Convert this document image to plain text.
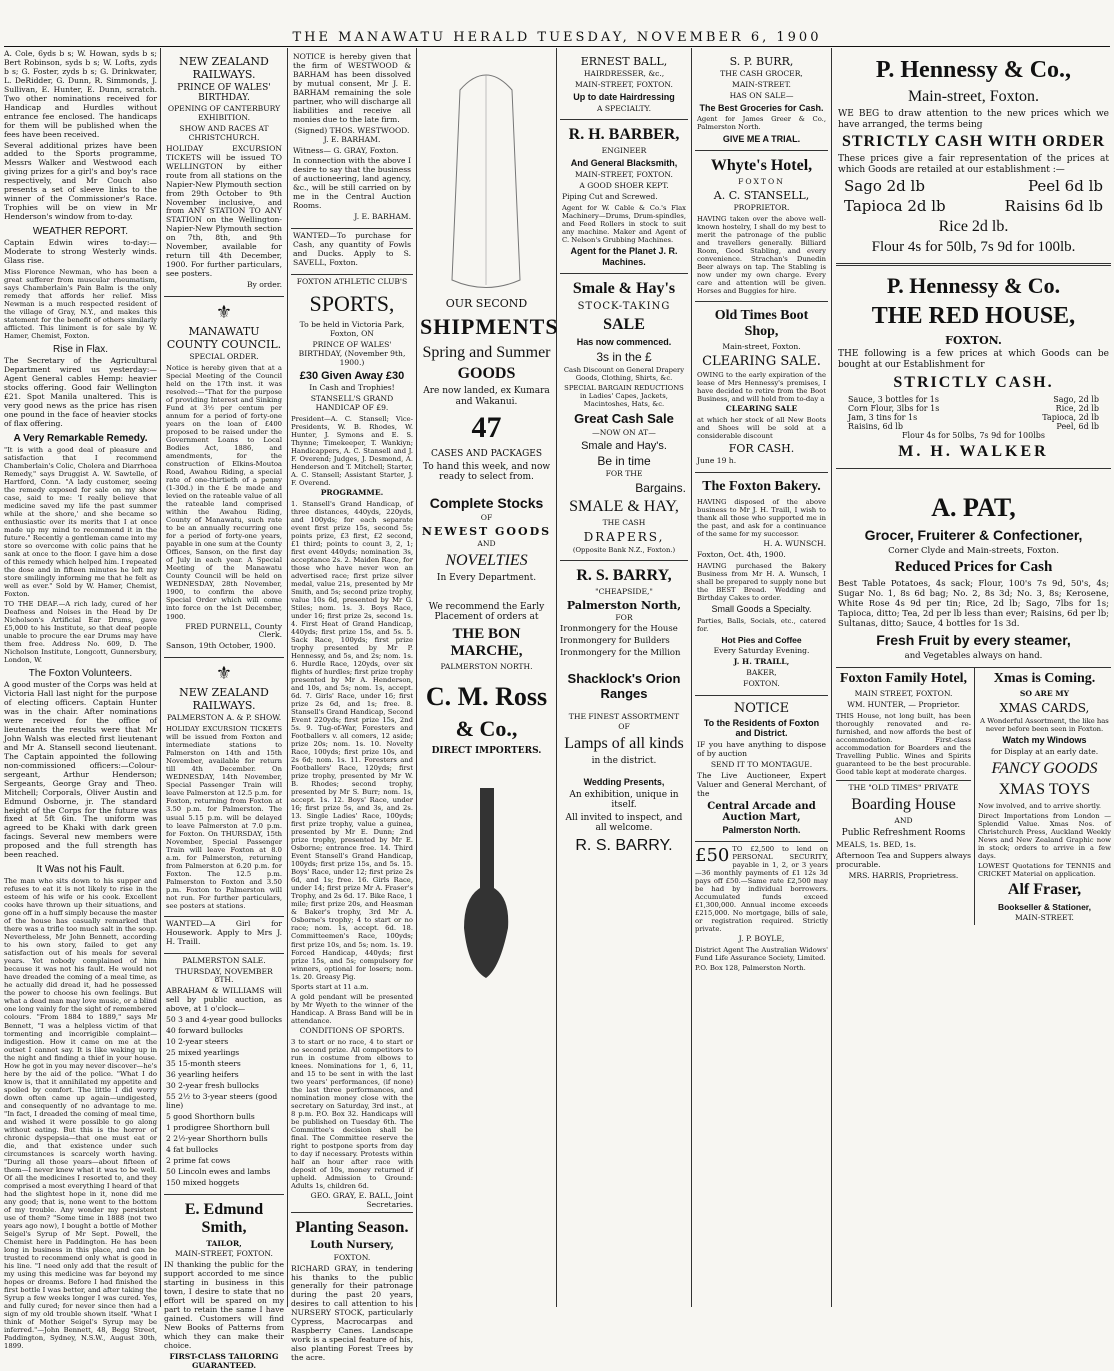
THE MANAWATU HERALD TUESDAY, NOVEMBER 6, 1900

A. Cole, 6yds b s; W. Howan, syds b s; Bert Robinson, syds b s; W. Lofts, zyds b s; G. Foster, zyds b s; G. Drinkwater, L. DeRidder, G. Dunn, R. Simmonds, J. Sullivan, E. Hunter, E. Dunn, scratch. Two other nominations received for Handicap and Hurdles without entrance fee enclosed. The handicaps for them will be published when the fees have been received.

Several additional prizes have been added to the Sports programme, Messrs Walker and Westwood each giving prizes for a girl's and boy's race respectively, and Mr Couch also presents a set of sleeve links to the winner of the Commissioner's Race. Trophies will be on view in Mr Henderson's window from to-day.

WEATHER REPORT.

Captain Edwin wires to-day:— Moderate to strong Westerly winds. Glass rise.

Miss Florence Newman, who has been a great sufferer from muscular rheumatism, says Chamberlain's Pain Balm is the only remedy that affords her relief. Miss Newman is a much respected resident of the village of Gray, N.Y., and makes this statement for the benefit of others similarly afflicted. This liniment is for sale by W. Hamer, Chemist, Foxton.

Rise in Flax.

The Secretary of the Agricultural Department wired us yesterday:— Agent General cables Hemp: heavier stocks offering. Good fair Wellington £21. Spot Manila unaltered. This is very good news as the price has risen one pound in the face of heavier stocks of flax offering.

A Very Remarkable Remedy.

"It is with a good deal of pleasure and satisfaction that I recommend Chamberlain's Colic, Cholera and Diarrhoea Remedy," says Druggist A. W. Sawtelle, of Hartford, Conn. "A lady customer, seeing the remedy exposed for sale on my show case, said to me: 'I really believe that medicine saved my life the past summer while at the shore,' and she became so enthusiastic over its merits that I at once made up my mind to recommend it in the future." Recently a gentleman came into my store so overcome with colic pains that he sank at once to the floor. I gave him a dose of this remedy which helped him. I repeated the dose and in fifteen minutes he left my store smilingly informing me that he felt as well as ever." Sold by W. Hamer, Chemist, Foxton.

TO THE DEAF.—A rich lady, cured of her Deafness and Noises in the Head by Dr Nicholson's Artificial Ear Drums, gave £5,000 to his Institute, so that deaf people unable to procure the ear Drums may have them free. Address No. 609, D. The Nicholson Institute, Longcott, Gunnersbury, London, W.

The Foxton Volunteers.

A good muster of the Corps was held at Victoria Hall last night for the purpose of electing officers. Captain Hunter was in the chair. After nominations were received for the office of lieutenants the results were that Mr John Walsh was elected first lieutenant and Mr A. Stansell second lieutenant. The Captain appointed the following non-commissioned officers:—Colour-sergeant, Arthur Henderson; Sergeants, George Gray and Theo. Mitchell; Corporals, Oliver Austin and Edmund Osborne, jr. The standard height of the Corps for the future was fixed at 5ft 6in. The uniform was agreed to be Khaki with dark green facings. Several new members were proposed and the full strength has been reached.

It Was not his Fault.

The man who sits down to his supper and refuses to eat it is not likely to rise in the esteem of his wife or his cook. Excellent cooks have thrown up their situations, and gone off in a huff simply because the master of the house has casually remarked that there was a trifle too much salt in the soup. Nevertheless, Mr John Bennett, according to his own story, failed to get any satisfaction out of his meals for several years. Yet nobody complained of him because it was not his fault. He would not have dreaded the coming of a meal time, as he actually did dread it, had he possessed the power to choose his own feelings. But what a dead man may love music, or a blind one long vainly for the sight of remembered colours. "From 1884 to 1889," says Mr Bennett, "I was a helpless victim of that tormenting and incorrigible complaint—indigestion. How it came on me at the outset I cannot say. It is like waking up in the night and finding a thief in your house. How he got in you may never discover—he's here by the aid of the police. "What I do know is, that it annihilated my appetite and spoiled by comfort. The little I did worry down often came up again—undigested, and consequently of no advantage to me. "In fact, I dreaded the coming of meal time, and wished it were possible to go along without eating. But this is the horror of chronic dyspepsia—that one must eat or die, and that existence under such circumstances is scarcely worth having. "During all those years—about fifteen of them—I never knew what it was to be well. Of all the medicines I resorted to, and they comprised a most everything I heard of that had the slightest hope in it, none did me any good; that is, none went to the bottom of my trouble. Any wonder my persistent use of them? "Some time in 1888 (not two years ago now), I bought a bottle of Mother Seigel's Syrup of Mr Sept. Powell, the Chemist here in Paddington. He has been long in business in this place, and can be trusted to recommend only what is good in his line. "I need only add that the result of my using this medicine was far beyond my hopes or dreams. Before I had finished the first bottle I was better, and after taking the Syrup a few weeks longer I was cured. Yes, and fully cured; for never since then had a sign of my old trouble shown itself. "What I think of Mother Seigel's Syrup may be inferred."—John Bennett, 48, Begg Street, Paddington, Sydney, N.S.W., August 30th, 1899.

NEW ZEALAND RAILWAYS.
PRINCE OF WALES' BIRTHDAY.

OPENING OF CANTERBURY EXHIBITION.

SHOW AND RACES AT CHRISTCHURCH.

HOLIDAY EXCURSION TICKETS will be issued TO WELLINGTON by either route from all stations on the Napier-New Plymouth section from 29th October to 9th November inclusive, and from ANY STATION TO ANY STATION on the Wellington-Napier-New Plymouth section on 7th, 8th, and 9th November, available for return till 4th December, 1900. For further particulars, see posters.

By order.

⚜
MANAWATU COUNTY COUNCIL.

SPECIAL ORDER.

Notice is hereby given that at a Special Meeting of the Council held on the 17th inst. it was resolved:—"That for the purpose of providing Interest and Sinking Fund at 3½ per centum per annum for a period of forty-one years on the loan of £400 proposed to be raised under the Government Loans to Local Bodies Act, 1886, and amendments, for the construction of Elkins-Moutoa Road, Awahou Riding, a special rate of one-thirtieth of a penny (1-30d.) in the £ be made and levied on the rateable value of all the rateable land comprised within the Awahou Riding, County of Manawatu, such rate to be an annually recurring one for a period of forty-one years, payable in one sum at the County Offices, Sanson, on the first day of July in each year. A Special Meeting of the Manawatu County Council will be held on WEDNESDAY, 28th November, 1900, to confirm the above Special Order which will come into force on the 1st December, 1900.

FRED PURNELL, County Clerk.

Sanson, 19th October, 1900.

⚜
NEW ZEALAND RAILWAYS.

PALMERSTON A. & P. SHOW.

HOLIDAY EXCURSION TICKETS will be issued from Foxton and intermediate stations to Palmerston on 14th and 15th November, available for return till 4th December. On WEDNESDAY, 14th November, Special Passenger Train will leave Palmerston at 12.5 p.m. for Foxton, returning from Foxton at 3.50 p.m. for Palmerston. The usual 5.15 p.m. will be delayed to leave Palmerston at 7.0 p.m. for Foxton. On THURSDAY, 15th November, Special Passenger Train will leave Foxton at 8.0 a.m. for Palmerston, returning from Palmerston at 6.20 p.m. for Foxton. The 12.5 p.m. Palmerston to Foxton and 3.50 p.m. Foxton to Palmerston will not run. For further particulars, see posters at stations.

WANTED—A Girl for Housework. Apply to Mrs J. H. Traill.

PALMERSTON SALE.

THURSDAY, NOVEMBER 8TH.

ABRAHAM & WILLIAMS will sell by public auction, as above, at 1 o'clock—

50 3 and 4-year good bullocks

40 forward bullocks

10 2-year steers

25 mixed yearlings

35 15-month steers

36 yearling heifers

30 2-year fresh bullocks

55 2½ to 3-year steers (good line)

5 good Shorthorn bulls

1 prodigree Shorthorn bull

2 2½-year Shorthorn bulls

4 fat bullocks

2 prime fat cows

50 Lincoln ewes and lambs

150 mixed hoggets

E. Edmund Smith,

TAILOR,

MAIN-STREET, FOXTON.

IN thanking the public for the support accorded to me since starting in business in this town, I desire to state that no effort will be spared on my part to retain the same I have gained. Customers will find New Books of Patterns from which they can make their choice.

FIRST-CLASS TAILORING GUARANTEED.

NOTICE is hereby given that the firm of WESTWOOD & BARHAM has been dissolved by mutual consent, Mr J. E. BARHAM remaining the sole partner, who will discharge all liabilities and receive all monies due to the late firm.

(Signed) THOS. WESTWOOD. J. E. BARHAM.

Witness— G. GRAY, Foxton.

In connection with the above I desire to say that the business of auctioneering, land agency, &c., will be still carried on by me in the Central Auction Rooms.

J. E. BARHAM.

WANTED—To purchase for Cash, any quantity of Fowls and Ducks. Apply to S. SAVELL, Foxton.

FOXTON ATHLETIC CLUB'S

SPORTS,

To be held in Victoria Park, Foxton, ON

PRINCE OF WALES' BIRTHDAY, (November 9th, 1900.)

£30 Given Away £30

In Cash and Trophies!

STANSELL'S GRAND HANDICAP OF £9.

President—A. C. Stansell; Vice-Presidents, W. B. Rhodes, W. Hunter, J. Symons and E. S. Thynne; Timekeeper, T. Wankiyn; Handicappers, A. C. Stansell and J. F. Overend; Judges, J. Desmond, A. Henderson and T. Mitchell; Starter, A. C. Stansell; Assistant Starter, J. F. Overend.

PROGRAMME.

1. Stansell's Grand Handicap, of three distances, 440yds, 220yds, and 100yds; for each separate event first prize 15s, second 5s; points prize, £3 first, £2 second, £1 third; points to count 3, 2, 1; first event 440yds; nomination 3s, acceptance 2s. 2. Maiden Race, for those who have never won an advertised race; first prize silver medal, value 21s, presented by Mr Smith, and 5s; second prize trophy, value 10s 6d, presented by Mr G. Stiles; nom. 1s. 3. Boys Race, under 16; first prize 2s, second 1s. 4. First Heat of Grand Handicap, 440yds; first prize 15s, and 5s. 5. Sack Race, 100yds; first prize trophy presented by Mr P. Hennessy, and 5s, and 2s; nom. 1s. 6. Hurdle Race, 120yds, over six flights of hurdles; first prize trophy presented by Mr A. Henderson, and 10s, and 5s; nom. 1s, accept. 6d. 7. Girls' Race, under 16; first prize 2s 6d, and 1s; free. 8. Stansell's Grand Handicap, Second Event 220yds; first prize 15s, 2nd 5s. 9. Tug-of-War, Foresters and Footballers v. all comers, 12 aside; prize 20s; nom. 1s. 10. Novelty Race, 100yds; first prize 10s, and 2s 6d; nom. 1s. 11. Foresters and Footballers' Race, 120yds; first prize trophy, presented by Mr W. B. Rhodes; second trophy, presented by Mr S. Burr; nom. 1s, accept. 1s. 12. Boys' Race, under 16; first prize 5s, and 3s, and 2s. 13. Single Ladies' Race, 100yds; first prize trophy, value a guinea, presented by Mr E. Dunn; 2nd prize trophy, presented by Mr E. Osborne; entrance free. 14. Third Event Stansell's Grand Handicap, 100yds; first prize 15s, and 5s. 15. Boys' Race, under 12; first prize 2s 6d, and 1s; free. 16. Girls Race, under 14; first prize Mr A. Fraser's Trophy, and 2s 6d. 17. Bike Race, 1 mile; first prize 20s, and Heasman & Baker's trophy, 3rd Mr A. Osborne's trophy; 4 to start or no race; nom. 1s, accept. 6d. 18. Committeemen's Race, 100yds; first prize 10s, and 5s; nom. 1s. 19. Forced Handicap, 440yds; first prize 15s, and 5s; compulsory for winners, optional for losers; nom. 1s. 20. Greasy Pig.

Sports start at 11 a.m.

A gold pendant will be presented by Mr Wyeth to the winner of the Handicap. A Brass Band will be in attendance.

CONDITIONS OF SPORTS.

3 to start or no race, 4 to start or no second prize. All competitors to run in costume from elbows to knees. Nominations for 1, 6, 11, and 15 to be sent in with the last two years' performances, (if none) the last three performances, and nomination money close with the secretary on Saturday, 3rd inst., at 8 p.m. P.O. Box 32. Handicaps will be published on Tuesday 6th. The Committee's decision shall be final. The Committee reserve the right to postpone sports from day to day if necessary. Protests within half an hour after race with deposit of 10s, money returned if upheld. Admission to Ground: Adults 1s, children 6d.

GEO. GRAY, E. BALL, Joint Secretaries.

Planting Season.

Louth Nursery,

FOXTON.

RICHARD GRAY, in tendering his thanks to the public generally for their patronage during the past 20 years, desires to call attention to his NURSERY STOCK, particularly Cypress, Macrocarpas and Raspberry Canes. Landscape work is a special feature of his, also planting Forest Trees by the acre.

OUR SECOND
SHIPMENTS
Spring and Summer
GOODS

Are now landed, ex Kumara and Wakanui.

47

CASES AND PACKAGES

To hand this week, and now ready to select from.

Complete Stocks

OF

NEWEST GOODS

AND

NOVELTIES

In Every Department.

We recommend the Early Placement of orders at

THE BON MARCHE,

PALMERSTON NORTH.

C. M. Ross
& Co.,

DIRECT IMPORTERS.

ERNEST BALL,

HAIRDRESSER, &c.,

MAIN-STREET, FOXTON.

Up to date Hairdressing

A SPECIALTY.

R. H. BARBER,

ENGINEER

And General Blacksmith,

MAIN-STREET, FOXTON.

A GOOD SHOER KEPT.

Piping Cut and Screwed.

Agent for W. Cable & Co.'s Flax Machinery—Drums, Drum-spindles, and Feed Rollers in stock to suit any machine. Maker and Agent of C. Nelson's Grubbing Machines.

Agent for the Planet J. R. Machines.

Smale & Hay's

STOCK-TAKING

SALE

Has now commenced.

3s in the £

Cash Discount on General Drapery Goods, Clothing, Shirts, &c.

SPECIAL BARGAIN REDUCTIONS in Ladies' Capes, Jackets, Macintoshes, Hats, &c.

Great Cash Sale

—NOW ON AT—

Smale and Hay's.
Be in time

FOR THE

Bargains.
SMALE & HAY,

THE CASH

DRAPERS,

(Opposite Bank N.Z., Foxton.)

R. S. BARRY,

"CHEAPSIDE,"

Palmerston North,

FOR

Ironmongery for the House

Ironmongery for Builders

Ironmongery for the Million

Shacklock's Orion Ranges

THE FINEST ASSORTMENT

OF

Lamps of all kinds

in the district.

Wedding Presents,

An exhibition, unique in itself.

All invited to inspect, and all welcome.

R. S. BARRY.
S. P. BURR,

THE CASH GROCER,

MAIN-STREET.

HAS ON SALE—

The Best Groceries for Cash.

Agent for James Greer & Co., Palmerston North.

GIVE ME A TRIAL.

Whyte's Hotel,

FOXTON

A. C. STANSELL,

PROPRIETOR.

HAVING taken over the above well-known hostelry, I shall do my best to merit the patronage of the public and travellers generally. Billiard Room, Good Stabling, and every convenience. Strachan's Dunedin Beer always on tap. The Stabling is now under my own charge. Every care and attention will be given. Horses and Buggies for hire.

Old Times Boot Shop,

Main-street, Foxton.

CLEARING SALE.

OWING to the early expiration of the lease of Mrs Hennessy's premises, I have decided to retire from the Boot Business, and will hold from to-day a

CLEARING SALE

at which her stock of all New Boots and Shoes will be sold at a considerable discount

FOR CASH.

June 19 h.

The Foxton Bakery.

HAVING disposed of the above business to Mr J. H. Traill, I wish to thank all those who supported me in the past, and ask for a continuance of the same for my successor.

H. A. WUNSCH.

Foxton, Oct. 4th, 1900.

HAVING purchased the Bakery Business from Mr H. A. Wunsch, I shall be prepared to supply none but the BEST Bread. Wedding and Birthday Cakes to order.

Small Goods a Specialty.

Parties, Balls, Socials, etc., catered for.

Hot Pies and Coffee

Every Saturday Evening.

J. H. TRAILL,

BAKER,

FOXTON.

NOTICE

To the Residents of Foxton and District.

IF you have anything to dispose of by auction

SEND IT TO MONTAGUE.

The Live Auctioneer, Expert Valuer and General Merchant, of the

Central Arcade and Auction Mart,

Palmerston North.

£50 TO £2,500 to lend on PERSONAL SECURITY, payable in 1, 2, or 3 years—36 monthly payments of £1 12s 3d pays off £50.—Same rate £2,500 may be had by individual borrowers. Accumulated funds exceed £1,300,000. Annual income exceeds £215,000. No mortgage, bills of sale, or registration required. Strictly private.

J. P. BOYLE,

District Agent The Australian Widows' Fund Life Assurance Society, Limited.

P.O. Box 128, Palmerston North.

P. Hennessy & Co.,
Main-street, Foxton.

WE BEG to draw attention to the new prices which we have arranged, the terms being

STRICTLY CASH WITH ORDER

These prices give a fair representation of the prices at which Goods are retailed at our establishment :—

Sago 2d lb	Peel 6d lb
Tapioca 2d lb	Raisins 6d lb
Rice 2d lb.
Flour 4s for 50lb, 7s 9d for 100lb.
P. Hennessy & Co.
THE RED HOUSE,
FOXTON.

THE following is a few prices at which Goods can be bought at our Establishment for

STRICTLY CASH.
Sauce, 3 bottles for 1s	Sago, 2d lb
Corn Flour, 3lbs for 1s	Rice, 2d lb
Jam, 3 tins for 1s	Tapioca, 2d lb
Raisins, 6d lb	Peel, 6d lb

Flour 4s for 50lbs, 7s 9d for 100lbs

M. H. WALKER
A. PAT,
Grocer, Fruiterer & Confectioner,

Corner Clyde and Main-streets, Foxton.

Reduced Prices for Cash

Best Table Potatoes, 4s sack; Flour, 100's 7s 9d, 50's, 4s; Sugar No. 1, 8s 6d bag; No. 2, 8s 3d; No. 3, 8s; Kerosene, White Rose 4s 9d per tin; Rice, 2d lb; Sago, 7lbs for 1s; Tapioca, ditto; Tea, 2d per lb less than ever; Raisins, 6d per lb; Sultanas, ditto; Sauce, 4 bottles for 1s 3d.

Fresh Fruit by every steamer,

and Vegetables always on hand.

Foxton Family Hotel,

MAIN STREET, FOXTON.

WM. HUNTER, — Proprietor.

THIS House, not long built, has been thoroughly renovated and re-furnished, and now affords the best of accommodation. First-class accommodation for Boarders and the Travelling Public. Wines and Spirits guaranteed to be the best procurable. Good table kept at moderate charges.

THE "OLD TIMES" PRIVATE

Boarding House

AND

Public Refreshment Rooms

MEALS, 1s. BED, 1s.

Afternoon Tea and Suppers always procurable.

MRS. HARRIS, Proprietress.

Xmas is Coming.

SO ARE MY

XMAS CARDS,

A Wonderful Assortment, the like has never before been seen in Foxton.

Watch my Windows

for Display at an early date.

FANCY GOODS
XMAS TOYS

Now involved, and to arrive shortly.

Direct Importations from London —Splendid Value. Xmas Nos. of Christchurch Press, Auckland Weekly News and New Zealand Graphic now in stock; orders to arrive in a few days.

LOWEST Quotations for TENNIS and CRICKET Material on application.

Alf Fraser,

Bookseller & Stationer,

MAIN-STREET.
